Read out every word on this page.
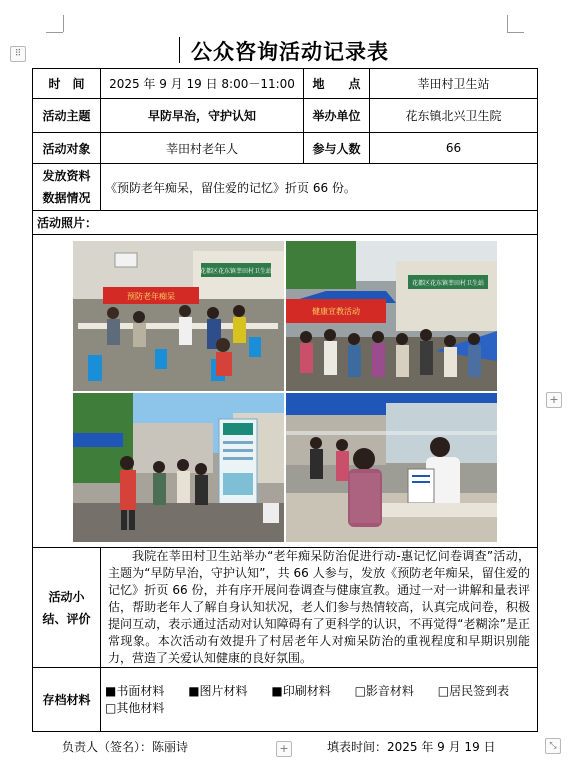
⠿
+
+	⤡
公众咨询活动记录表
时　间	2025 年 9 月 19 日 8:00－11:00	地　　点	莘田村卫生站
活动主题	早防早治，守护认知	举办单位	花东镇北兴卫生院
活动对象	莘田村老年人	参与人数	66

发放资料
数据情况	《预防老年痴呆，留住爱的记忆》折页 66 份。		
活动照片：			

花都区花东镇莘田村卫生站
预防老年痴呆
花都区花东镇莘田村卫生站
健康宣教活动			

活动小
结、评价	我院在莘田村卫生站举办“老年痴呆防治促进行动-惠记忆问卷调查”活动，主题为“早防早治，守护认知”，共 66 人参与，发放《预防老年痴呆，留住爱的记忆》折页 66 份，并有序开展问卷调查与健康宣教。通过一对一讲解和量表评估，帮助老年人了解自身认知状况，老人们参与热情较高，认真完成问卷，积极提问互动，表示通过活动对认知障碍有了更科学的认识，不再觉得“老糊涂”是正常现象。本次活动有效提升了村居老年人对痴呆防治的重视程度和早期识别能力，营造了关爱认知健康的良好氛围。		

存档材料	■书面材料 ■图片材料 ■印刷材料 □影音材料 □居民签到表
□其他材料		
负责人（签名）：陈丽诗	填表时间：2025 年 9 月 19 日
